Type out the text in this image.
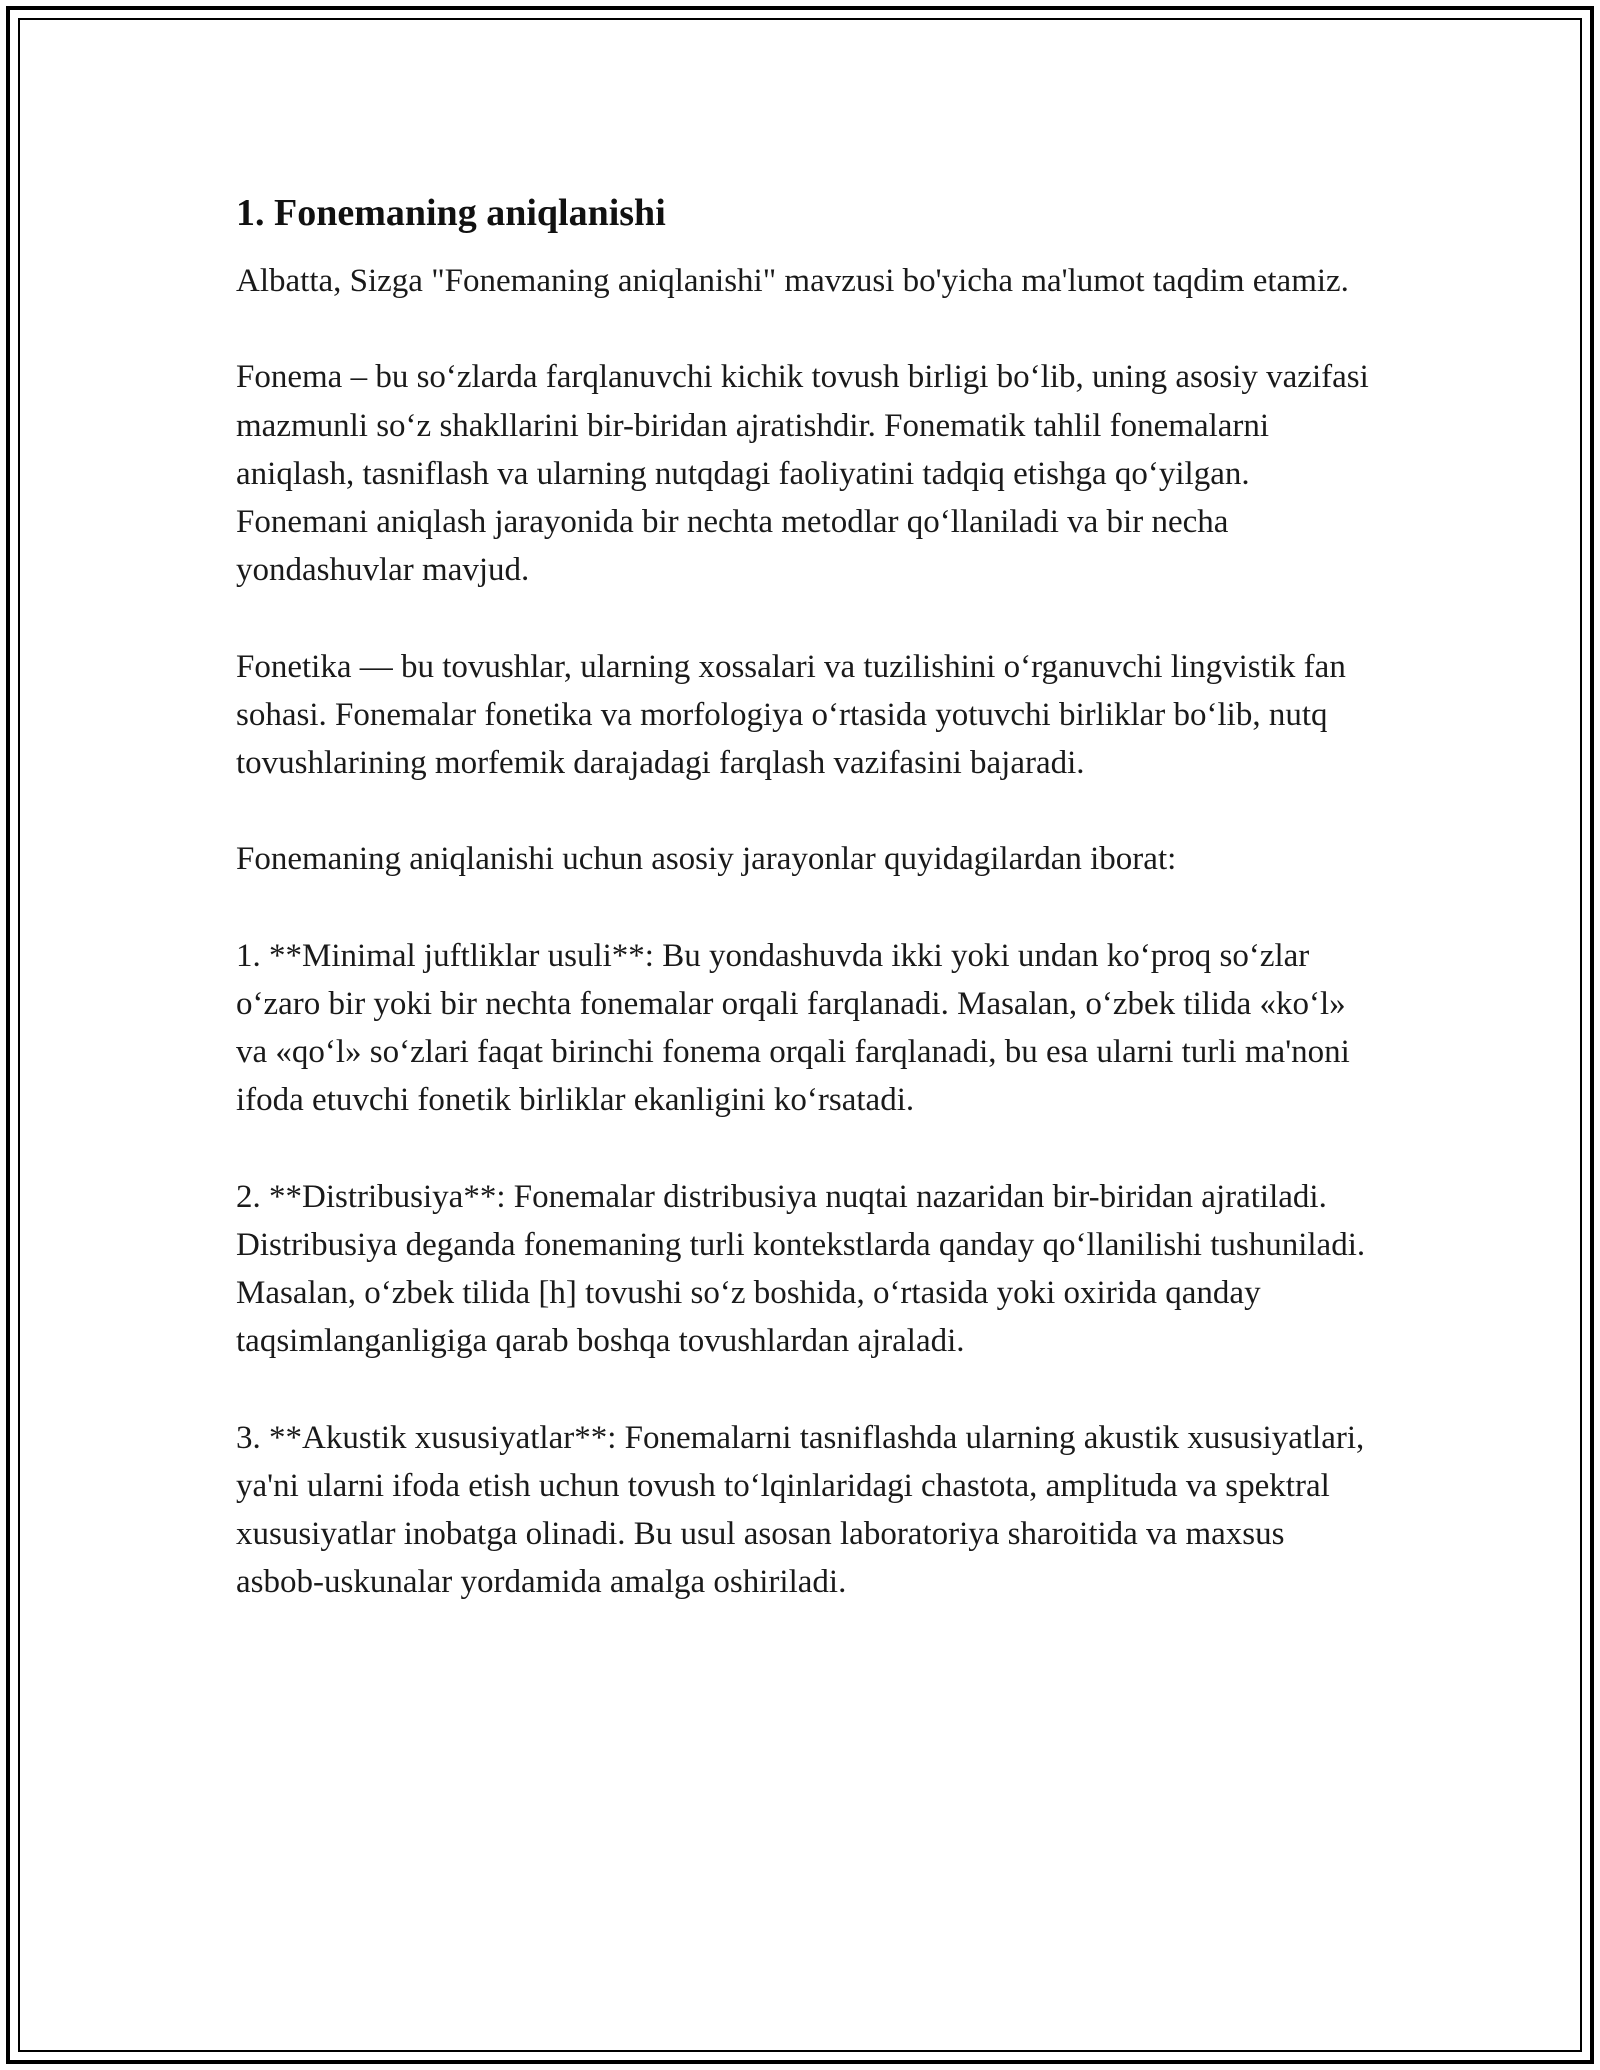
1. Fonemaning aniqlanishi

Albatta, Sizga "Fonemaning aniqlanishi" mavzusi bo'yicha ma'lumot taqdim etamiz.

Fonema – bu so‘zlarda farqlanuvchi kichik tovush birligi bo‘lib, uning asosiy vazifasi mazmunli so‘z shakllarini bir-biridan ajratishdir. Fonematik tahlil fonemalarni aniqlash, tasniflash va ularning nutqdagi faoliyatini tadqiq etishga qo‘yilgan. Fonemani aniqlash jarayonida bir nechta metodlar qo‘llaniladi va bir necha yondashuvlar mavjud.

Fonetika — bu tovushlar, ularning xossalari va tuzilishini o‘rganuvchi lingvistik fan sohasi. Fonemalar fonetika va morfologiya o‘rtasida yotuvchi birliklar bo‘lib, nutq tovushlarining morfemik darajadagi farqlash vazifasini bajaradi.

Fonemaning aniqlanishi uchun asosiy jarayonlar quyidagilardan iborat:

1. **Minimal juftliklar usuli**: Bu yondashuvda ikki yoki undan ko‘proq so‘zlar o‘zaro bir yoki bir nechta fonemalar orqali farqlanadi. Masalan, o‘zbek tilida «ko‘l» va «qo‘l» so‘zlari faqat birinchi fonema orqali farqlanadi, bu esa ularni turli ma'noni ifoda etuvchi fonetik birliklar ekanligini ko‘rsatadi.

2. **Distribusiya**: Fonemalar distribusiya nuqtai nazaridan bir-biridan ajratiladi. Distribusiya deganda fonemaning turli kontekstlarda qanday qo‘llanilishi tushuniladi. Masalan, o‘zbek tilida [h] tovushi so‘z boshida, o‘rtasida yoki oxirida qanday taqsimlanganligiga qarab boshqa tovushlardan ajraladi.

3. **Akustik xususiyatlar**: Fonemalarni tasniflashda ularning akustik xususiyatlari, ya'ni ularni ifoda etish uchun tovush to‘lqinlaridagi chastota, amplituda va spektral xususiyatlar inobatga olinadi. Bu usul asosan laboratoriya sharoitida va maxsus asbob-uskunalar yordamida amalga oshiriladi.
